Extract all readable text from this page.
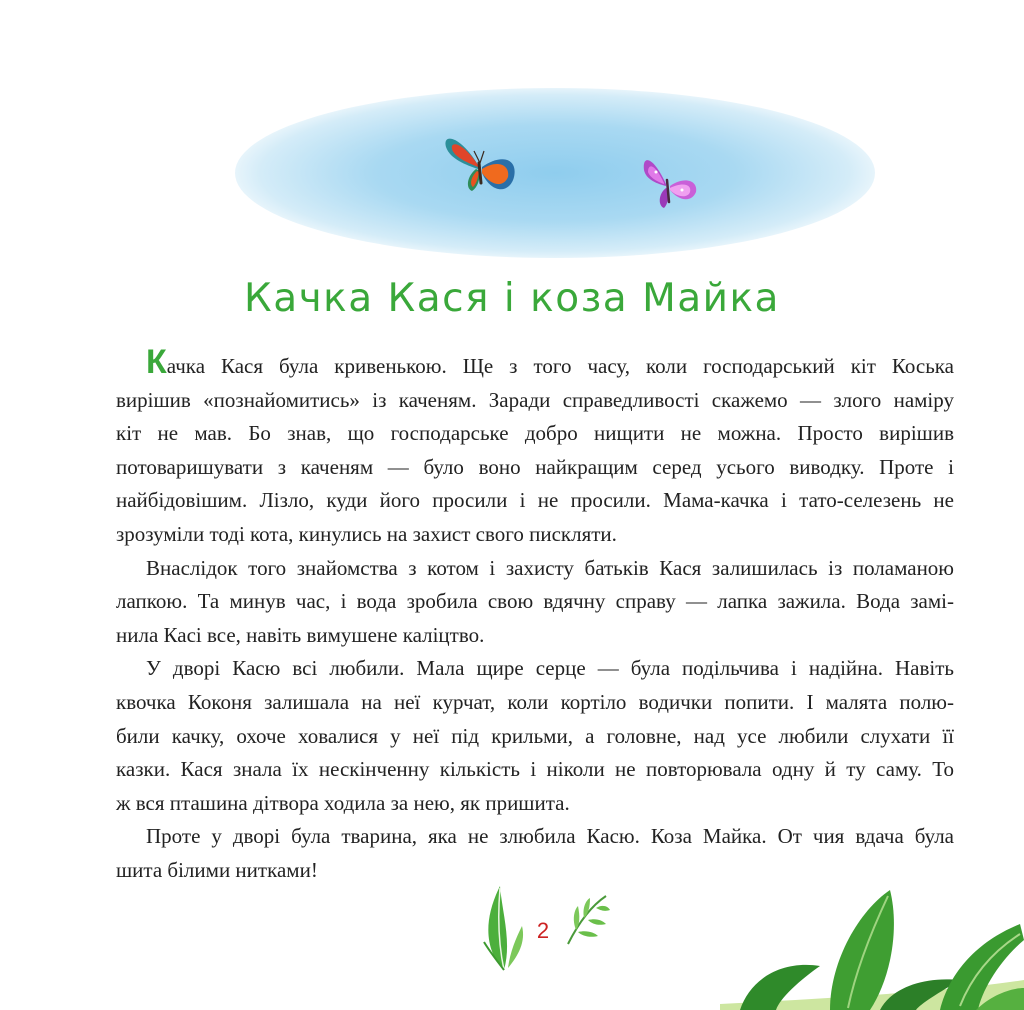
Качка Кася і коза Майка

Качка Кася була кривенькою. Ще з того часу, коли господарський кіт Коська
вирішив «познайомитись» із каченям. Заради справедливості скажемо — злого наміру
кіт не мав. Бо знав, що господарське добро нищити не можна. Просто вирішив
потоваришувати з каченям — було воно найкращим серед усього виводку. Проте і
найбідовішим. Лізло, куди його просили і не просили. Мама-качка і тато-селезень не
зрозуміли тоді кота, кинулись на захист свого пискляти.

Внаслідок того знайомства з котом і захисту батьків Кася залишилась із поламаною
лапкою. Та минув час, і вода зробила свою вдячну справу — лапка зажила. Вода замі-
нила Касі все, навіть вимушене каліцтво.

У дворі Касю всі любили. Мала щире серце — була подільчива і надійна. Навіть
квочка Коконя залишала на неї курчат, коли кортіло водички попити. І малята полю-
били качку, охоче ховалися у неї під крильми, а головне, над усе любили слухати її
казки. Кася знала їх нескінченну кількість і ніколи не повторювала одну й ту саму. То
ж вся пташина дітвора ходила за нею, як пришита.

Проте у дворі була тварина, яка не злюбила Касю. Коза Майка. От чия вдача була
шита білими нитками!

2
